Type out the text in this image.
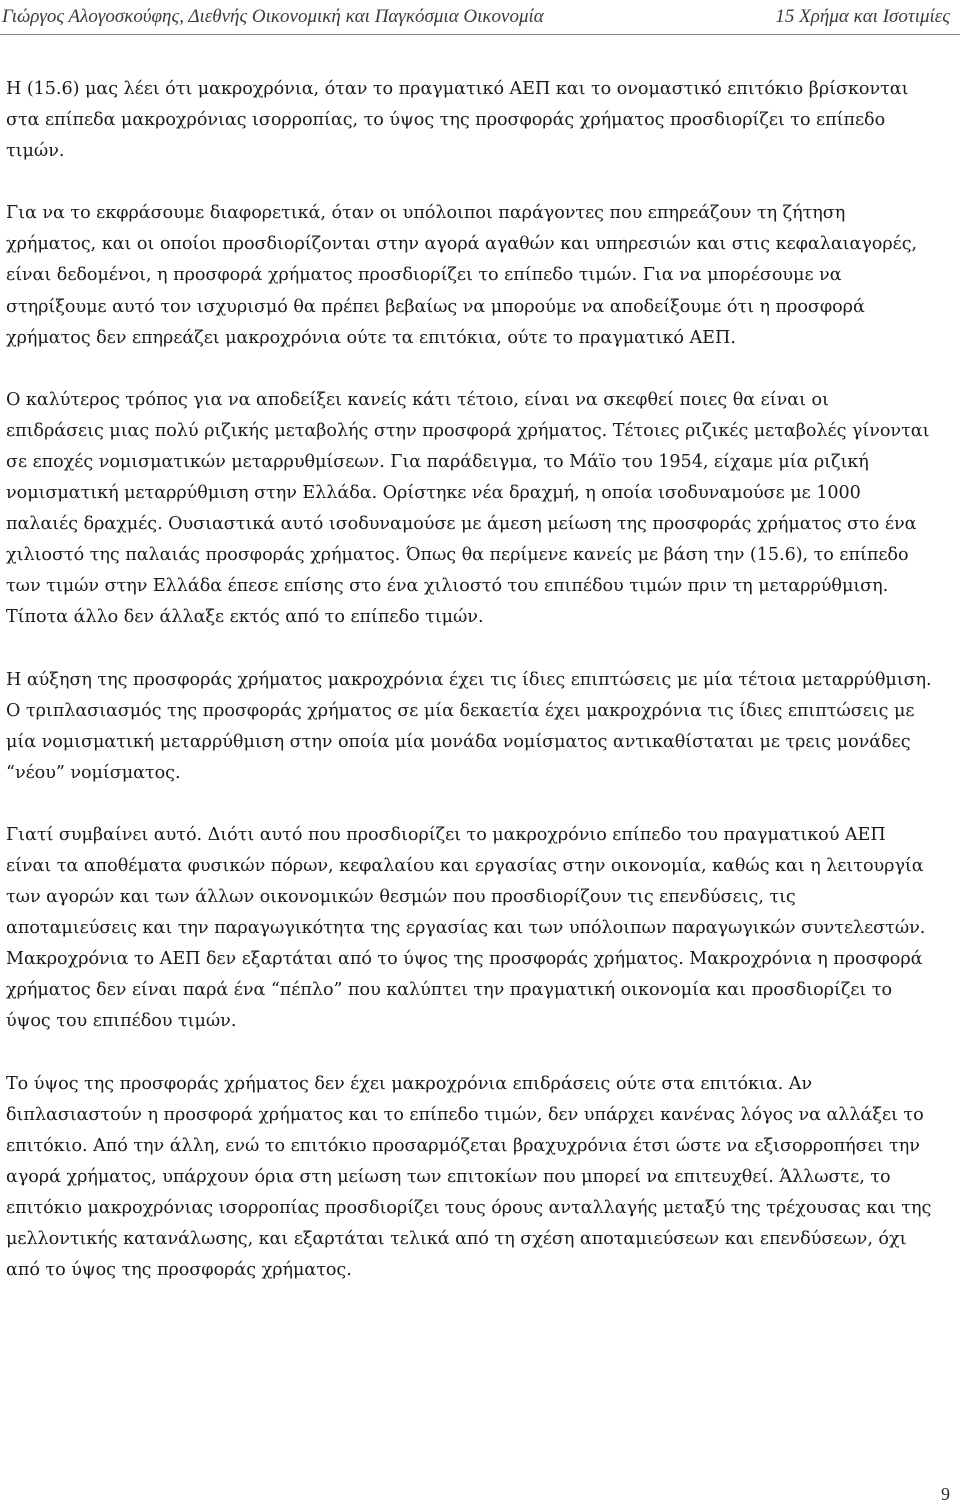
Γιώργος Αλογοσκούφης, Διεθνής Οικονομική και Παγκόσμια Οικονομία	15 Χρήμα και Ισοτιμίες

Η (15.6) μας λέει ότι μακροχρόνια, όταν το πραγματικό ΑΕΠ και το ονομαστικό επιτόκιο βρίσκονται στα επίπεδα μακροχρόνιας ισορροπίας, το ύψος της προσφοράς χρήματος προσδιορίζει το επίπεδο τιμών.

Για να το εκφράσουμε διαφορετικά, όταν οι υπόλοιποι παράγοντες που επηρεάζουν τη ζήτηση χρήματος, και οι οποίοι προσδιορίζονται στην αγορά αγαθών και υπηρεσιών και στις κεφαλαιαγορές, είναι δεδομένοι, η προσφορά χρήματος προσδιορίζει το επίπεδο τιμών. Για να μπορέσουμε να στηρίξουμε αυτό τον ισχυρισμό θα πρέπει βεβαίως να μπορούμε να αποδείξουμε ότι η προσφορά χρήματος δεν επηρεάζει μακροχρόνια ούτε τα επιτόκια, ούτε το πραγματικό ΑΕΠ.

Ο καλύτερος τρόπος για να αποδείξει κανείς κάτι τέτοιο, είναι να σκεφθεί ποιες θα είναι οι επιδράσεις μιας πολύ ριζικής μεταβολής στην προσφορά χρήματος. Τέτοιες ριζικές μεταβολές γίνονται σε εποχές νομισματικών μεταρρυθμίσεων. Για παράδειγμα, το Μάϊο του 1954, είχαμε μία ριζική νομισματική μεταρρύθμιση στην Ελλάδα. Ορίστηκε νέα δραχμή, η οποία ισοδυναμούσε με 1000 παλαιές δραχμές. Ουσιαστικά αυτό ισοδυναμούσε με άμεση μείωση της προσφοράς χρήματος στο ένα χιλιοστό της παλαιάς προσφοράς χρήματος. Όπως θα περίμενε κανείς με βάση την (15.6), το επίπεδο των τιμών στην Ελλάδα έπεσε επίσης στο ένα χιλιοστό του επιπέδου τιμών πριν τη μεταρρύθμιση. Τίποτα άλλο δεν άλλαξε εκτός από το επίπεδο τιμών.

Η αύξηση της προσφοράς χρήματος μακροχρόνια έχει τις ίδιες επιπτώσεις με μία τέτοια μεταρρύθμιση. Ο τριπλασιασμός της προσφοράς χρήματος σε μία δεκαετία έχει μακροχρόνια τις ίδιες επιπτώσεις με μία νομισματική μεταρρύθμιση στην οποία μία μονάδα νομίσματος αντικαθίσταται με τρεις μονάδες “νέου” νομίσματος.

Γιατί συμβαίνει αυτό. Διότι αυτό που προσδιορίζει το μακροχρόνιο επίπεδο του πραγματικού ΑΕΠ είναι τα αποθέματα φυσικών πόρων, κεφαλαίου και εργασίας στην οικονομία, καθώς και η λειτουργία των αγορών και των άλλων οικονομικών θεσμών που προσδιορίζουν τις επενδύσεις, τις αποταμιεύσεις και την παραγωγικότητα της εργασίας και των υπόλοιπων παραγωγικών συντελεστών. Μακροχρόνια το ΑΕΠ δεν εξαρτάται από το ύψος της προσφοράς χρήματος. Μακροχρόνια η προσφορά χρήματος δεν είναι παρά ένα “πέπλο” που καλύπτει την πραγματική οικονομία και προσδιορίζει το ύψος του επιπέδου τιμών.

Το ύψος της προσφοράς χρήματος δεν έχει μακροχρόνια επιδράσεις ούτε στα επιτόκια. Αν διπλασιαστούν η προσφορά χρήματος και το επίπεδο τιμών, δεν υπάρχει κανένας λόγος να αλλάξει το επιτόκιο. Από την άλλη, ενώ το επιτόκιο προσαρμόζεται βραχυχρόνια έτσι ώστε να εξισορροπήσει την αγορά χρήματος, υπάρχουν όρια στη μείωση των επιτοκίων που μπορεί να επιτευχθεί. Άλλωστε, το επιτόκιο μακροχρόνιας ισορροπίας προσδιορίζει τους όρους ανταλλαγής μεταξύ της τρέχουσας και της μελλοντικής κατανάλωσης, και εξαρτάται τελικά από τη σχέση αποταμιεύσεων και επενδύσεων, όχι από το ύψος της προσφοράς χρήματος.

9
